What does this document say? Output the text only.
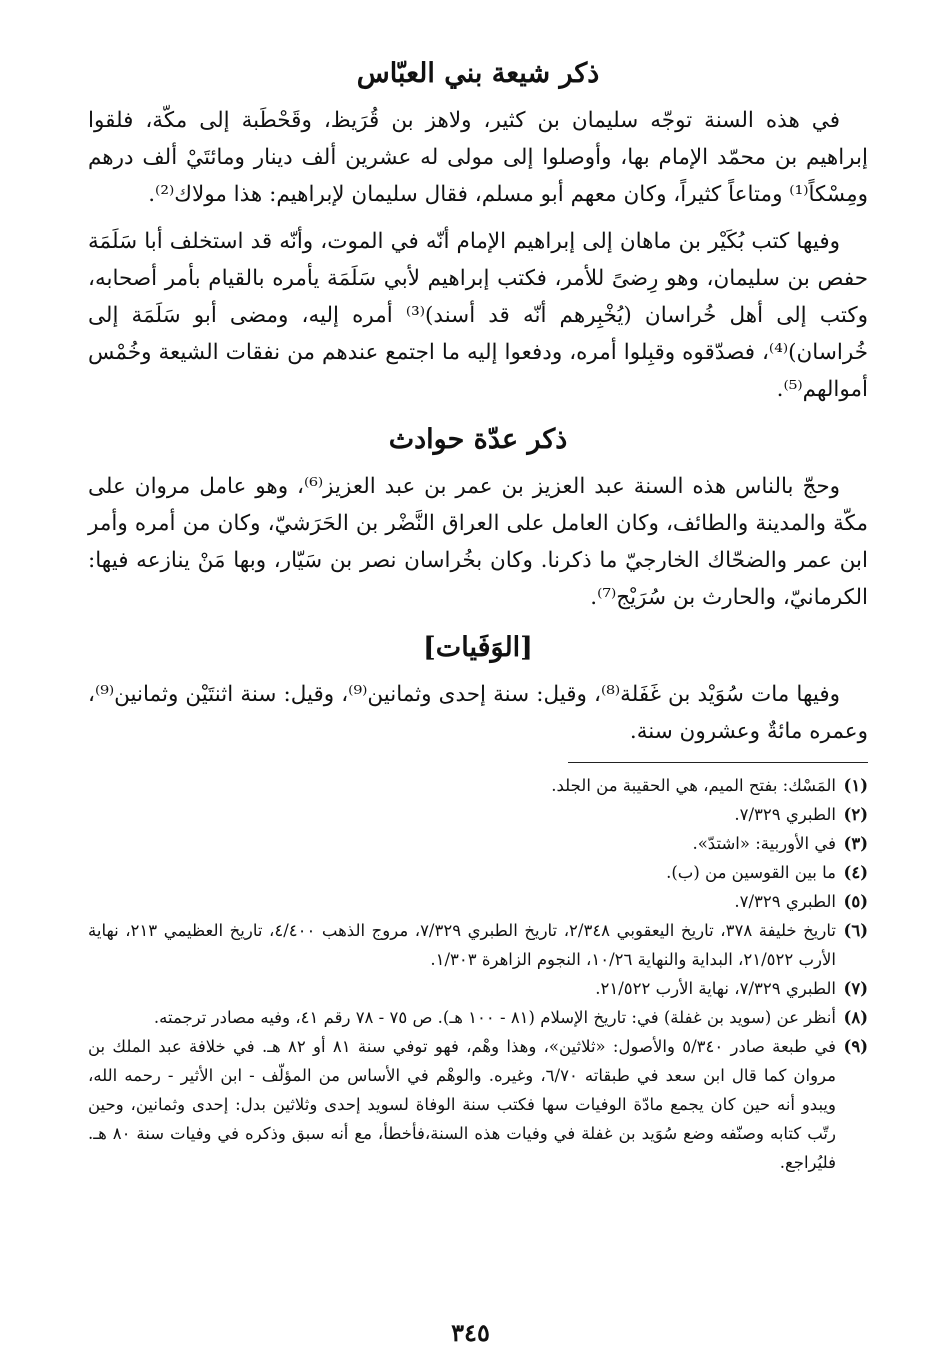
ذكر شيعة بني العبّاس

في هذه السنة توجّه سليمان بن كثير، ولاهز بن قُرَيظ، وقَحْطَبة إلى مكّة، فلقوا إبراهيم بن محمّد الإمام بها، وأوصلوا إلى مولى له عشرين ألف دينار ومائتَيْ ألف درهم ومِسْكاً⁽¹⁾ ومتاعاً كثيراً، وكان معهم أبو مسلم، فقال سليمان لإبراهيم: هذا مولاك⁽²⁾.

وفيها كتب بُكَيْر بن ماهان إلى إبراهيم الإمام أنّه في الموت، وأنّه قد استخلف أبا سَلَمَة حفص بن سليمان، وهو رِضىً للأمر، فكتب إبراهيم لأبي سَلَمَة يأمره بالقيام بأمر أصحابه، وكتب إلى أهل خُراسان (يُخْبِرهم أنّه قد أسند)⁽³⁾ أمره إليه، ومضى أبو سَلَمَة إلى خُراسان)⁽⁴⁾، فصدّقوه وقبِلوا أمره، ودفعوا إليه ما اجتمع عندهم من نفقات الشيعة وخُمْس أموالهم⁽⁵⁾.

ذكر عدّة حوادث

وحجّ بالناس هذه السنة عبد العزيز بن عمر بن عبد العزيز⁽⁶⁾، وهو عامل مروان على مكّة والمدينة والطائف، وكان العامل على العراق النَّضْر بن الحَرَشيّ، وكان من أمره وأمر ابن عمر والضحّاك الخارجيّ ما ذكرنا. وكان بخُراسان نصر بن سَيّار، وبها مَنْ ينازعه فيها: الكرمانيّ، والحارث بن سُرَيْج⁽⁷⁾.

[الوَفَيات]

وفيها مات سُوَيْد بن غَفَلة⁽⁸⁾، وقيل: سنة إحدى وثمانين⁽⁹⁾، وقيل: سنة اثنتَيْن وثمانين⁽⁹⁾، وعمره مائةٌ وعشرون سنة.

(١)
المَسْك: بفتح الميم، هي الحقيبة من الجلد.
(٢)
الطبري ٧/٣٢٩.
(٣)
في الأوربية: «اشتدّ».
(٤)
ما بين القوسين من (ب).
(٥)
الطبري ٧/٣٢٩.
(٦)
تاريخ خليفة ٣٧٨، تاريخ اليعقوبي ٢/٣٤٨، تاريخ الطبري ٧/٣٢٩، مروج الذهب ٤/٤٠٠، تاريخ العظيمي ٢١٣، نهاية الأرب ٢١/٥٢٢، البداية والنهاية ١٠/٢٦، النجوم الزاهرة ١/٣٠٣.
(٧)
الطبري ٧/٣٢٩، نهاية الأرب ٢١/٥٢٢.
(٨)
أنظر عن (سويد بن غفلة) في: تاريخ الإسلام (٨١ - ١٠٠ هـ). ص ٧٥ - ٧٨ رقم ٤١، وفيه مصادر ترجمته.
(٩)
في طبعة صادر ٥/٣٤٠ والأصول: «ثلاثين»، وهذا وهْم، فهو توفي سنة ٨١ أو ٨٢ هـ. في خلافة عبد الملك بن مروان كما قال ابن سعد في طبقاته ٦/٧٠، وغيره. والوهْم في الأساس من المؤلّف - ابن الأثير - رحمه الله، ويبدو أنه حين كان يجمع مادّة الوفيات سها فكتب سنة الوفاة لسويد إحدى وثلاثين بدل: إحدى وثمانين، وحين رتّب كتابه وصنّفه وضع سُوَيد بن غفلة في وفيات هذه السنة،فأخطأ، مع أنه سبق وذكره في وفيات سنة ٨٠ هـ. فليُراجع.
٣٤٥
